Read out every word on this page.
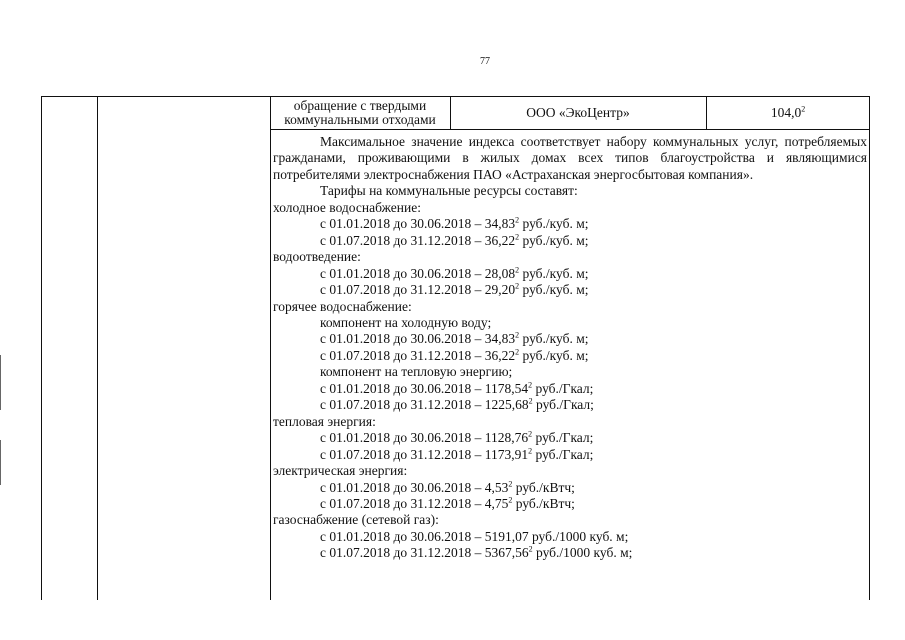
77
обращение с твердыми коммунальными отходами	ООО «ЭкоЦентр»	104,0$^2$

Максимальное значение индекса соответствует набору коммунальных услуг, потребляемых гражданами, проживающими в жилых домах всех типов благоустройства и являющимися потребителями электроснабжения ПАО «Астраханская энергосбытовая компания».

Тарифы на коммунальные ресурсы составят:

холодное водоснабжение:

с 01.01.2018 до 30.06.2018 – 34,83$^2$ руб./куб. м;

с 01.07.2018 до 31.12.2018 – 36,22$^2$ руб./куб. м;

водоотведение:

с 01.01.2018 до 30.06.2018 – 28,08$^2$ руб./куб. м;

с 01.07.2018 до 31.12.2018 – 29,20$^2$ руб./куб. м;

горячее водоснабжение:

компонент на холодную воду;

с 01.01.2018 до 30.06.2018 – 34,83$^2$ руб./куб. м;

с 01.07.2018 до 31.12.2018 – 36,22$^2$ руб./куб. м;

компонент на тепловую энергию;

с 01.01.2018 до 30.06.2018 – 1178,54$^2$ руб./Гкал;

с 01.07.2018 до 31.12.2018 – 1225,68$^2$ руб./Гкал;

тепловая энергия:

с 01.01.2018 до 30.06.2018 – 1128,76$^2$ руб./Гкал;

с 01.07.2018 до 31.12.2018 – 1173,91$^2$ руб./Гкал;

электрическая энергия:

с 01.01.2018 до 30.06.2018 – 4,53$^2$ руб./кВтч;

с 01.07.2018 до 31.12.2018 – 4,75$^2$ руб./кВтч;

газоснабжение (сетевой газ):

с 01.01.2018 до 30.06.2018 – 5191,07 руб./1000 куб. м;

с 01.07.2018 до 31.12.2018 – 5367,56$^2$ руб./1000 куб. м;
